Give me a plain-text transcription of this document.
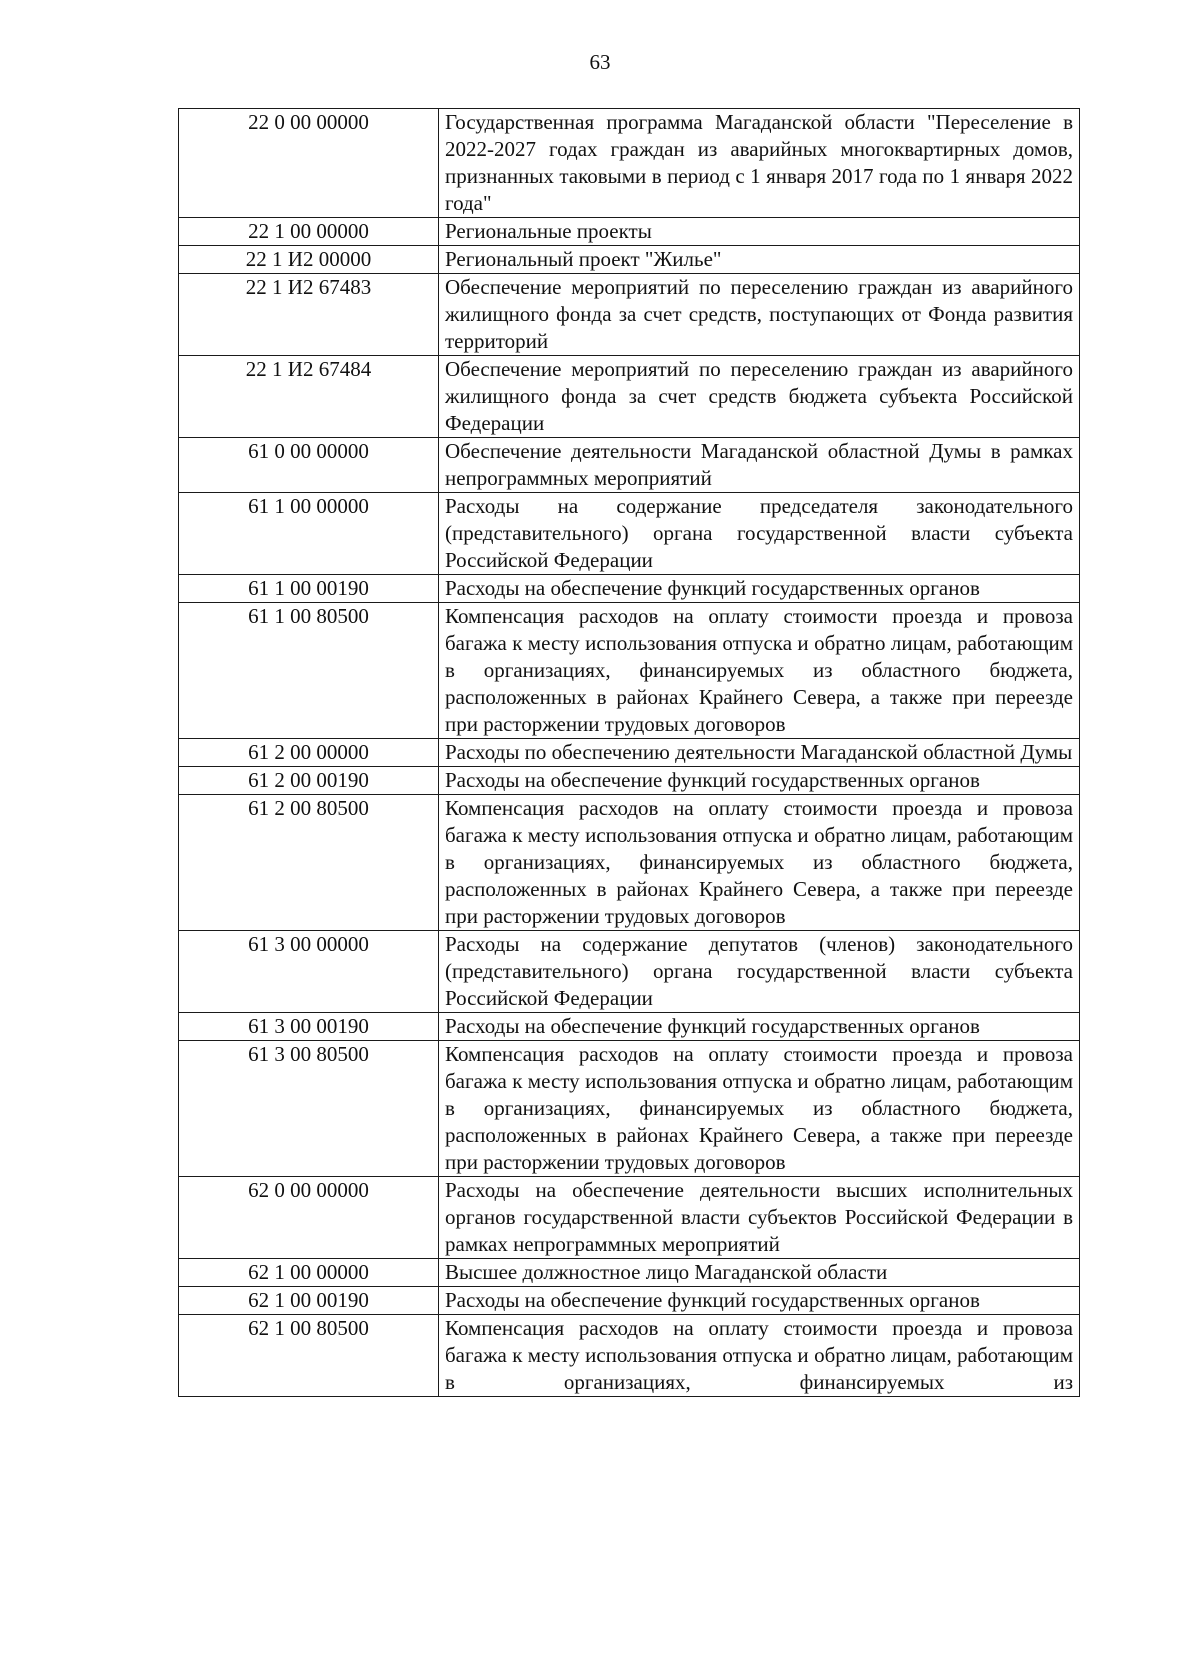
63
22 0 00 00000	Государственная программа Магаданской области "Переселение в 2022-2027 годах граждан из аварийных многоквартирных домов, признанных таковыми в период с 1 января 2017 года по 1 января 2022 года"
22 1 00 00000	Региональные проекты
22 1 И2 00000	Региональный проект "Жилье"
22 1 И2 67483	Обеспечение мероприятий по переселению граждан из аварийного жилищного фонда за счет средств, поступающих от Фонда развития территорий
22 1 И2 67484	Обеспечение мероприятий по переселению граждан из аварийного жилищного фонда за счет средств бюджета субъекта Российской Федерации
61 0 00 00000	Обеспечение деятельности Магаданской областной Думы в рамках непрограммных мероприятий
61 1 00 00000	Расходы на содержание председателя законодательного (представительного) органа государственной власти субъекта Российской Федерации
61 1 00 00190	Расходы на обеспечение функций государственных органов
61 1 00 80500	Компенсация расходов на оплату стоимости проезда и провоза багажа к месту использования отпуска и обратно лицам, работающим в организациях, финансируемых из областного бюджета, расположенных в районах Крайнего Севера, а также при переезде при расторжении трудовых договоров
61 2 00 00000	Расходы по обеспечению деятельности Магаданской областной Думы
61 2 00 00190	Расходы на обеспечение функций государственных органов
61 2 00 80500	Компенсация расходов на оплату стоимости проезда и провоза багажа к месту использования отпуска и обратно лицам, работающим в организациях, финансируемых из областного бюджета, расположенных в районах Крайнего Севера, а также при переезде при расторжении трудовых договоров
61 3 00 00000	Расходы на содержание депутатов (членов) законодательного (представительного) органа государственной власти субъекта Российской Федерации
61 3 00 00190	Расходы на обеспечение функций государственных органов
61 3 00 80500	Компенсация расходов на оплату стоимости проезда и провоза багажа к месту использования отпуска и обратно лицам, работающим в организациях, финансируемых из областного бюджета, расположенных в районах Крайнего Севера, а также при переезде при расторжении трудовых договоров
62 0 00 00000	Расходы на обеспечение деятельности высших исполнительных органов государственной власти субъектов Российской Федерации в рамках непрограммных мероприятий
62 1 00 00000	Высшее должностное лицо Магаданской области
62 1 00 00190	Расходы на обеспечение функций государственных органов
62 1 00 80500	Компенсация расходов на оплату стоимости проезда и провоза багажа к месту использования отпуска и обратно лицам, работающим в организациях, финансируемых из
